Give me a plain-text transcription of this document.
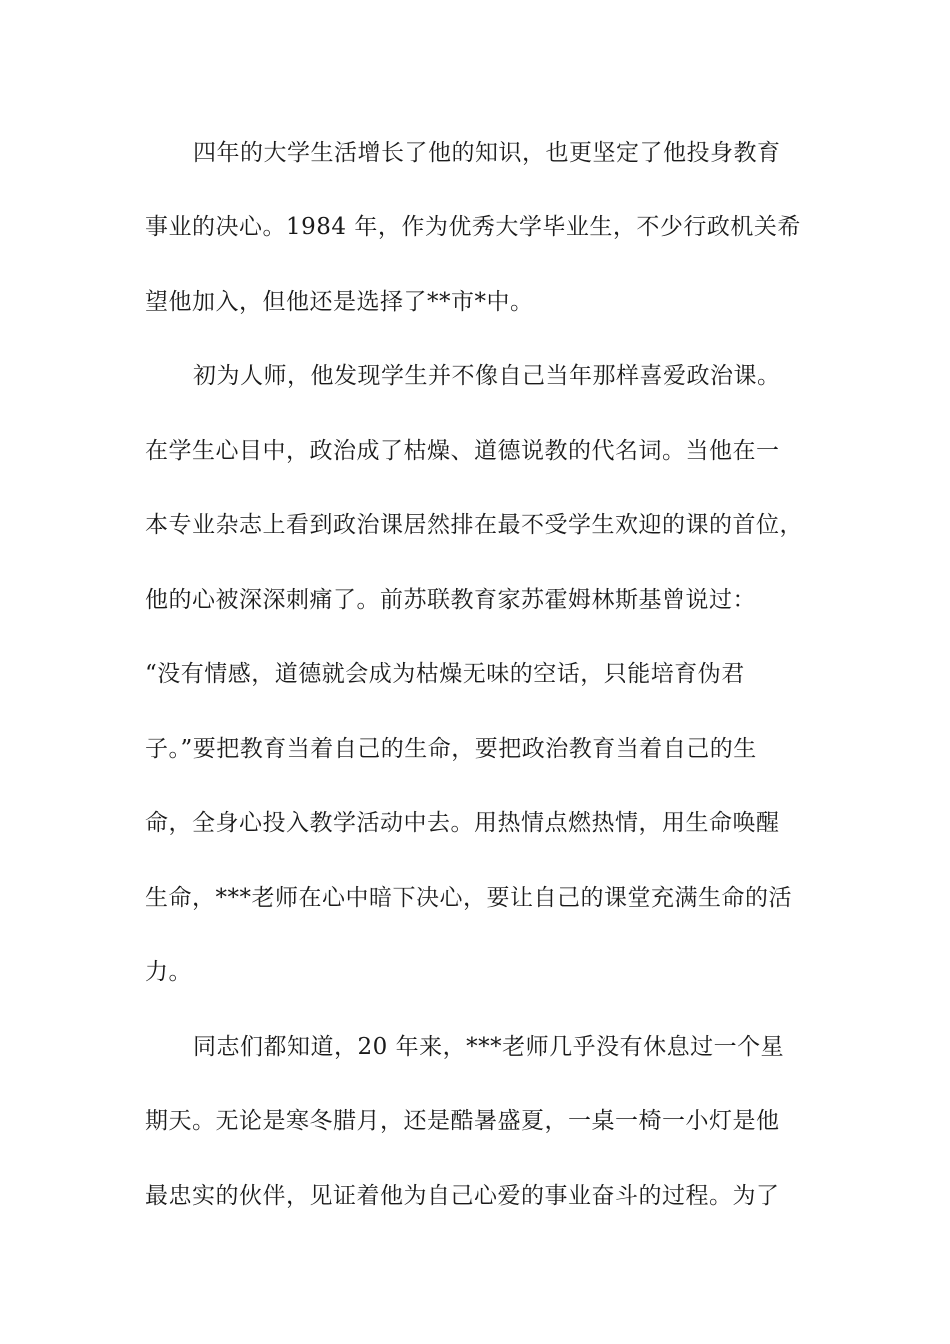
四年的大学生活增长了他的知识，也更坚定了他投身教育
事业的决心。1984 年，作为优秀大学毕业生，不少行政机关希
望他加入，但他还是选择了**市*中。
初为人师，他发现学生并不像自己当年那样喜爱政治课。
在学生心目中，政治成了枯燥、道德说教的代名词。当他在一
本专业杂志上看到政治课居然排在最不受学生欢迎的课的首位，
他的心被深深刺痛了。前苏联教育家苏霍姆林斯基曾说过：
“没有情感，道德就会成为枯燥无味的空话，只能培育伪君
子。”要把教育当着自己的生命，要把政治教育当着自己的生
命，全身心投入教学活动中去。用热情点燃热情，用生命唤醒
生命，***老师在心中暗下决心，要让自己的课堂充满生命的活
力。
同志们都知道，20 年来，***老师几乎没有休息过一个星
期天。无论是寒冬腊月，还是酷暑盛夏，一桌一椅一小灯是他
最忠实的伙伴，见证着他为自己心爱的事业奋斗的过程。为了
